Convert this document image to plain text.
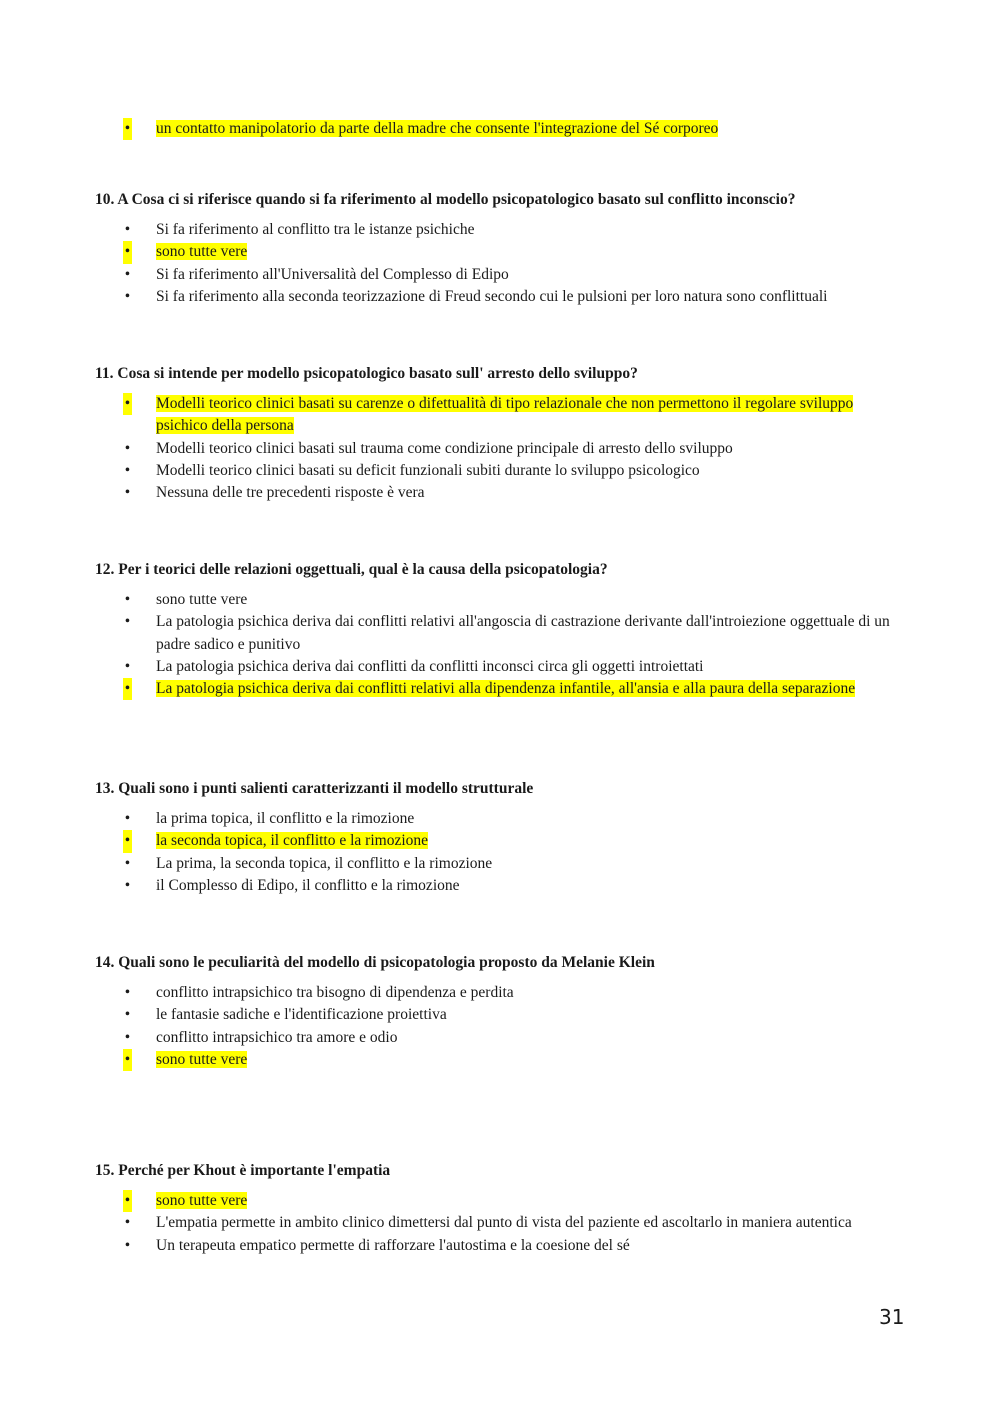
• un contatto manipolatorio da parte della madre che consente l'integrazione del Sé corporeo
10. A Cosa ci si riferisce quando si fa riferimento al modello psicopatologico basato sul conflitto inconscio?
• Si fa riferimento al conflitto tra le istanze psichiche
• sono tutte vere
• Si fa riferimento all'Universalità del Complesso di Edipo
• Si fa riferimento alla seconda teorizzazione di Freud secondo cui le pulsioni per loro natura sono conflittuali
11. Cosa si intende per modello psicopatologico basato sull' arresto dello sviluppo?
• Modelli teorico clinici basati su carenze o difettualità di tipo relazionale che non permettono il regolare sviluppo psichico della persona
• Modelli teorico clinici basati sul trauma come condizione principale di arresto dello sviluppo
• Modelli teorico clinici basati su deficit funzionali subiti durante lo sviluppo psicologico
• Nessuna delle tre precedenti risposte è vera
12. Per i teorici delle relazioni oggettuali, qual è la causa della psicopatologia?
• sono tutte vere
• La patologia psichica deriva dai conflitti relativi all'angoscia di castrazione derivante dall'introiezione oggettuale di un padre sadico e punitivo
• La patologia psichica deriva dai conflitti da conflitti inconsci circa gli oggetti introiettati
• La patologia psichica deriva dai conflitti relativi alla dipendenza infantile, all'ansia e alla paura della separazione
13. Quali sono i punti salienti caratterizzanti il modello strutturale
• la prima topica, il conflitto e la rimozione
• la seconda topica, il conflitto e la rimozione
• La prima, la seconda topica, il conflitto e la rimozione
• il Complesso di Edipo, il conflitto e la rimozione
14. Quali sono le peculiarità del modello di psicopatologia proposto da Melanie Klein
• conflitto intrapsichico tra bisogno di dipendenza e perdita
• le fantasie sadiche e l'identificazione proiettiva
• conflitto intrapsichico tra amore e odio
• sono tutte vere
15. Perché per Khout è importante l'empatia
• sono tutte vere
• L'empatia permette in ambito clinico dimettersi dal punto di vista del paziente ed ascoltarlo in maniera autentica
• Un terapeuta empatico permette di rafforzare l'autostima e la coesione del sé
31
